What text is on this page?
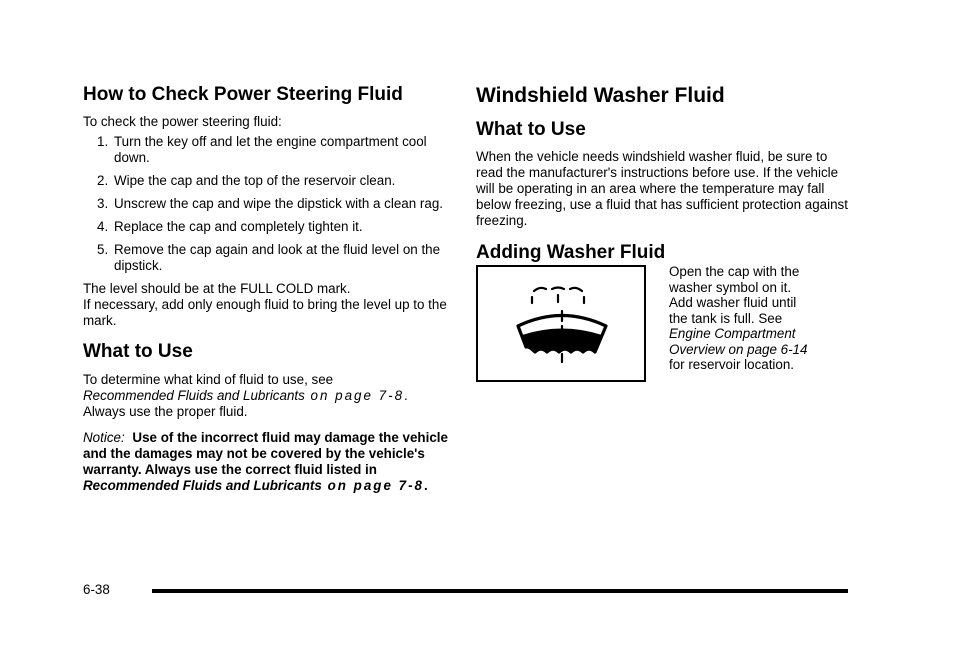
How to Check Power Steering Fluid

To check the power steering fluid:

1. Turn the key off and let the engine compartment cool down.
2. Wipe the cap and the top of the reservoir clean.
3. Unscrew the cap and wipe the dipstick with a clean rag.
4. Replace the cap and completely tighten it.
5. Remove the cap again and look at the fluid level on the dipstick.

The level should be at the FULL COLD mark.
If necessary, add only enough fluid to bring the level up to the mark.

What to Use

To determine what kind of fluid to use, see
Recommended Fluids and Lubricants on page 7-8.
Always use the proper fluid.

Notice: Use of the incorrect fluid may damage the vehicle and the damages may not be covered by the vehicle's warranty. Always use the correct fluid listed in Recommended Fluids and Lubricants on page 7-8.

Windshield Washer Fluid
What to Use

When the vehicle needs windshield washer fluid, be sure to read the manufacturer's instructions before use. If the vehicle will be operating in an area where the temperature may fall below freezing, use a fluid that has sufficient protection against freezing.

Adding Washer Fluid

Open the cap with the
washer symbol on it.
Add washer fluid until
the tank is full. See
Engine Compartment
Overview on page 6-14
for reservoir location.

6-38
